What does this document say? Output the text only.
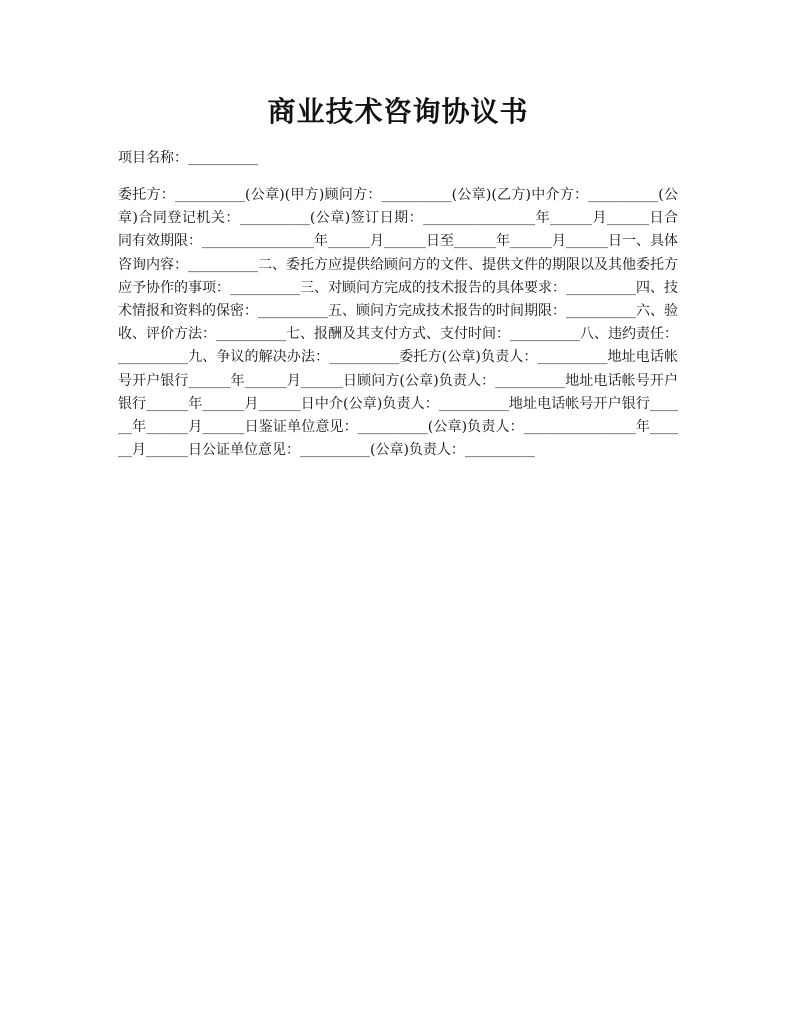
商业技术咨询协议书
项目名称：__________
委托方：__________(公章)(甲方)顾问方：__________(公章)(乙方)中介方：__________(公章)合同登记机关：__________(公章)签订日期：________________年______月______日合同有效期限：________________年______月______日至______年______月______日一、具体咨询内容：__________二、委托方应提供给顾问方的文件、提供文件的期限以及其他委托方应予协作的事项：__________三、对顾问方完成的技术报告的具体要求：__________四、技术情报和资料的保密：__________五、顾问方完成技术报告的时间期限：__________六、验收、评价方法：__________七、报酬及其支付方式、支付时间：__________八、违约责任：__________九、争议的解决办法：__________委托方(公章)负责人：__________地址电话帐号开户银行______年______月______日顾问方(公章)负责人：__________地址电话帐号开户银行______年______月______日中介(公章)负责人：__________地址电话帐号开户银行______年______月______日鉴证单位意见：__________(公章)负责人：________________年______月______日公证单位意见：__________(公章)负责人：__________
